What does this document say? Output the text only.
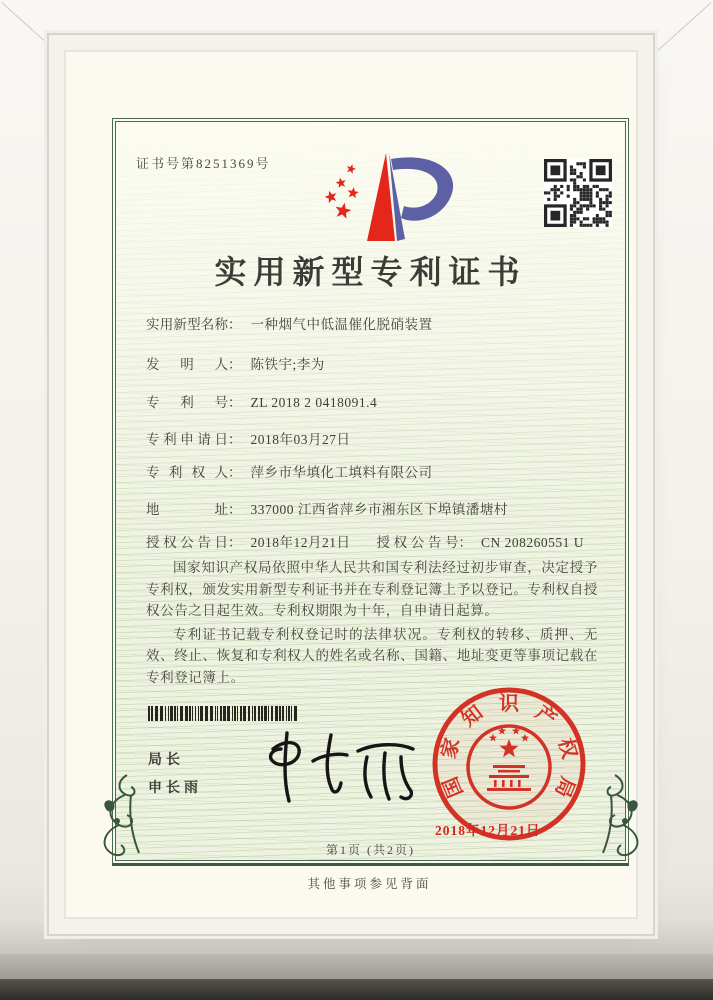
证书号第8251369号
实用新型专利证书
实用新型名称： 一种烟气中低温催化脱硝装置
发明人： 陈铁宇;李为
专利号： ZL 2018 2 0418091.4
专利申请日： 2018年03月27日
专利权人： 萍乡市华填化工填料有限公司
地址： 337000 江西省萍乡市湘东区下埠镇潘塘村
授权公告日： 2018年12月21日 授权公告号： CN 208260551 U

国家知识产权局依照中华人民共和国专利法经过初步审查，决定授予专利权，颁发实用新型专利证书并在专利登记簿上予以登记。专利权自授权公告之日起生效。专利权期限为十年，自申请日起算。

专利证书记载专利权登记时的法律状况。专利权的转移、质押、无效、终止、恢复和专利权人的姓名或名称、国籍、地址变更等事项记载在专利登记簿上。

局长
申长雨	国
家
知 识 产
权
局
2018年12月21日
第1页 (共2页)
其他事项参见背面
